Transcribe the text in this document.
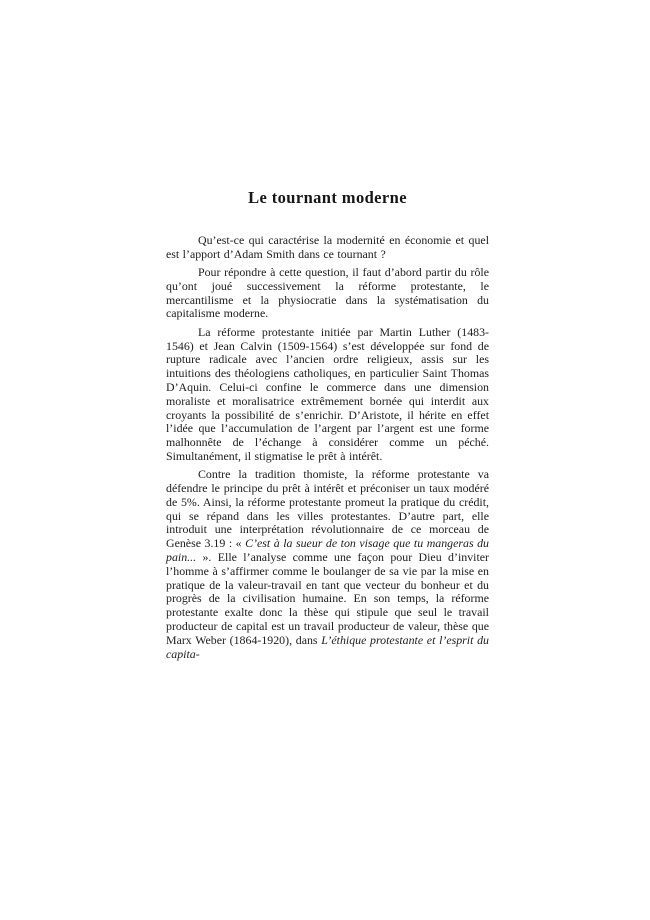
Le tournant moderne

Qu’est-ce qui caractérise la modernité en économie et quel est l’apport d’Adam Smith dans ce tournant ?

Pour répondre à cette question, il faut d’abord partir du rôle qu’ont joué successivement la réforme protestante, le mercantilisme et la physiocratie dans la systématisation du capitalisme moderne.

La réforme protestante initiée par Martin Luther (1483-1546) et Jean Calvin (1509-1564) s’est développée sur fond de rupture radicale avec l’ancien ordre religieux, assis sur les intuitions des théologiens catholiques, en particulier Saint Thomas D’Aquin. Celui-ci confine le commerce dans une dimension moraliste et moralisatrice extrêmement bornée qui interdit aux croyants la possibilité de s’enrichir. D’Aristote, il hérite en effet l’idée que l’accumulation de l’argent par l’argent est une forme malhonnête de l’échange à considérer comme un péché. Simultanément, il stigmatise le prêt à intérêt.

Contre la tradition thomiste, la réforme protestante va défendre le principe du prêt à intérêt et préconiser un taux modéré de 5%. Ainsi, la réforme protestante promeut la pratique du crédit, qui se répand dans les villes protestantes. D’autre part, elle introduit une interprétation révolutionnaire de ce morceau de Genèse 3.19 : « C’est à la sueur de ton visage que tu mangeras du pain... ». Elle l’analyse comme une façon pour Dieu d’inviter l’homme à s’affirmer comme le boulanger de sa vie par la mise en pratique de la valeur-travail en tant que vecteur du bonheur et du progrès de la civilisation humaine. En son temps, la réforme protestante exalte donc la thèse qui stipule que seul le travail producteur de capital est un travail producteur de valeur, thèse que Marx Weber (1864-1920), dans L’éthique protestante et l’esprit du capita-
